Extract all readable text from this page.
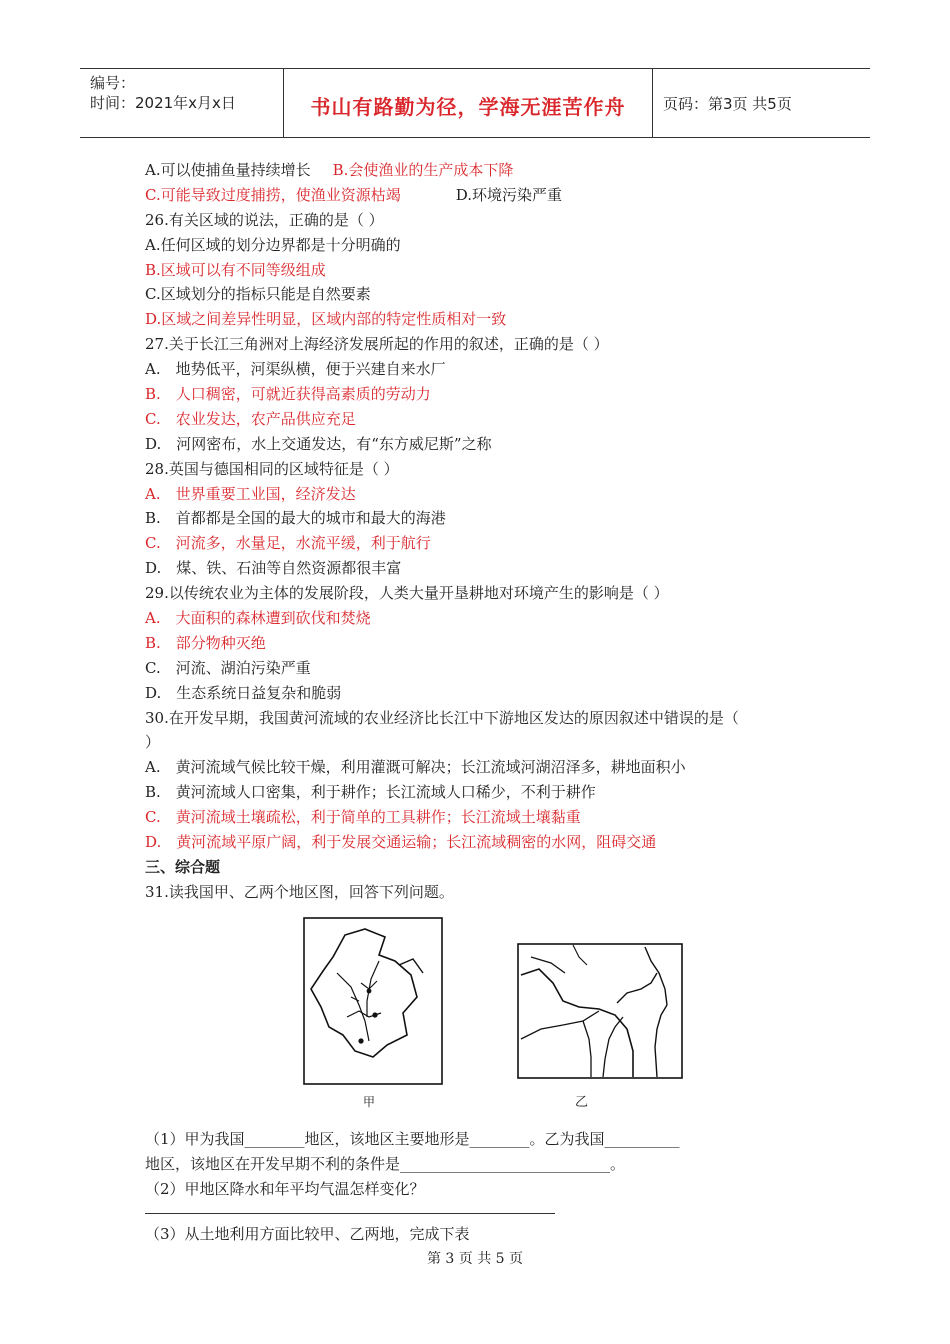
编号：
时间：2021年x月x日	书山有路勤为径，学海无涯苦作舟	页码：第3页 共5页
A.可以使捕鱼量持续增长 B.会使渔业的生产成本下降
C.可能导致过度捕捞，使渔业资源枯竭	D.环境污染严重
26.有关区域的说法，正确的是（ ）
A.任何区域的划分边界都是十分明确的
B.区域可以有不同等级组成
C.区域划分的指标只能是自然要素
D.区域之间差异性明显，区域内部的特定性质相对一致
27.关于长江三角洲对上海经济发展所起的作用的叙述，正确的是（ ）
A.　地势低平，河渠纵横，便于兴建自来水厂
B.　人口稠密，可就近获得高素质的劳动力
C.　农业发达，农产品供应充足
D.　河网密布，水上交通发达，有“东方威尼斯”之称
28.英国与德国相同的区域特征是（ ）
A.　世界重要工业国，经济发达
B.　首都都是全国的最大的城市和最大的海港
C.　河流多，水量足，水流平缓，利于航行
D.　煤、铁、石油等自然资源都很丰富
29.以传统农业为主体的发展阶段，人类大量开垦耕地对环境产生的影响是（ ）
A.　大面积的森林遭到砍伐和焚烧
B.　部分物种灭绝
C.　河流、湖泊污染严重
D.　生态系统日益复杂和脆弱
30.在开发早期，我国黄河流域的农业经济比长江中下游地区发达的原因叙述中错误的是（
）
A.　黄河流域气候比较干燥，利用灌溉可解决；长江流域河湖沼泽多，耕地面积小
B.　黄河流域人口密集，利于耕作；长江流域人口稀少，不利于耕作
C.　黄河流域土壤疏松，利于简单的工具耕作；长江流域土壤黏重
D.　黄河流域平原广阔，利于发展交通运输；长江流域稠密的水网，阻碍交通
三、综合题
31.读我国甲、乙两个地区图，回答下列问题。
甲	乙
（1）甲为我国________地区，该地区主要地形是________。乙为我国__________
地区，该地区在开发早期不利的条件是____________________________。
（2）甲地区降水和年平均气温怎样变化？
（3）从土地利用方面比较甲、乙两地，完成下表
第 3 页 共 5 页
